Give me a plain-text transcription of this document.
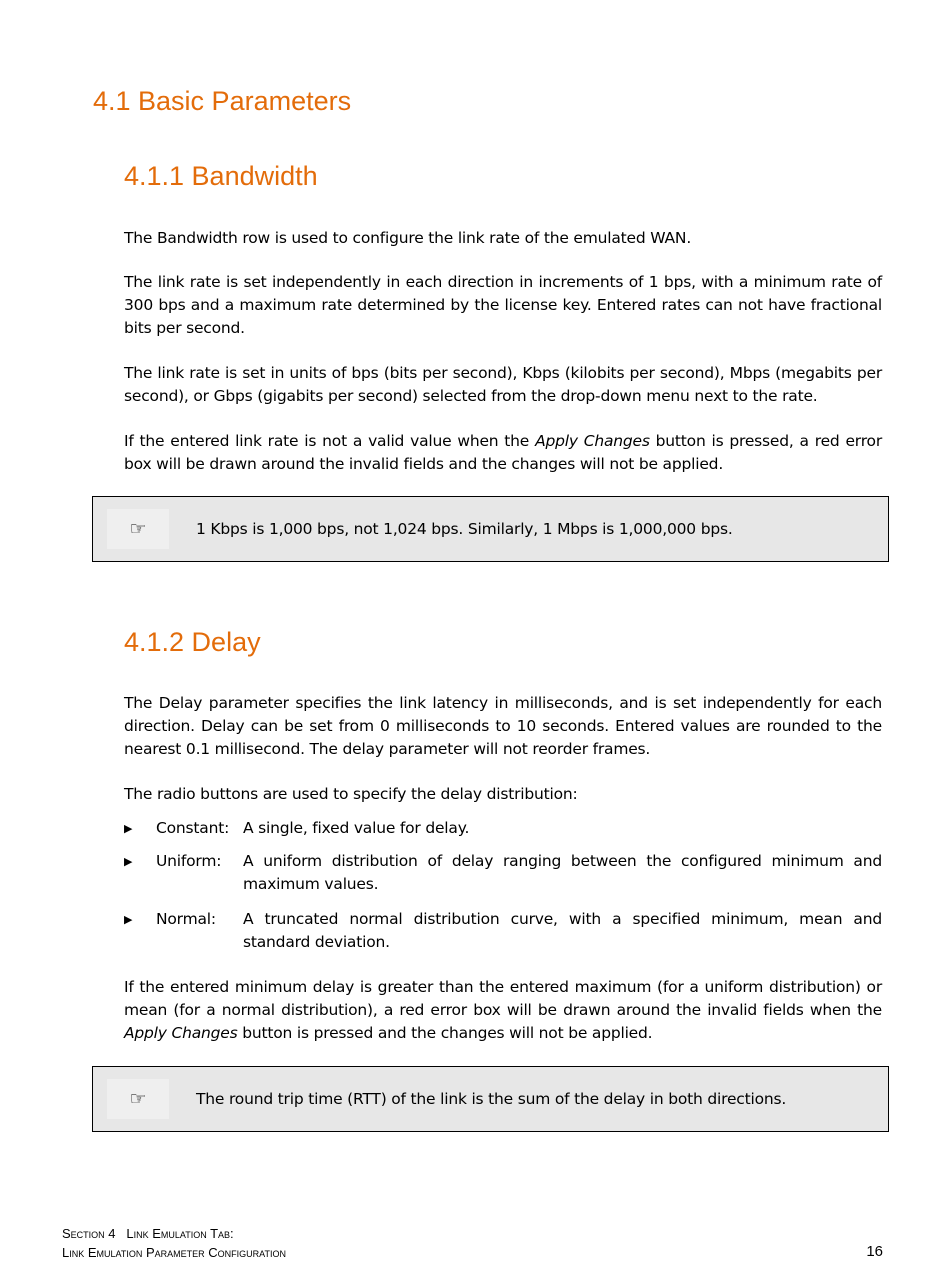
4.1 Basic Parameters
4.1.1 Bandwidth

The Bandwidth row is used to configure the link rate of the emulated WAN.

The link rate is set independently in each direction in increments of 1 bps, with a minimum rate of 300 bps and a maximum rate determined by the license key. Entered rates can not have fractional bits per second.

The link rate is set in units of bps (bits per second), Kbps (kilobits per second), Mbps (megabits per second), or Gbps (gigabits per second) selected from the drop-down menu next to the rate.

If the entered link rate is not a valid value when the Apply Changes button is pressed, a red error box will be drawn around the invalid fields and the changes will not be applied.

☞	1 Kbps is 1,000 bps, not 1,024 bps. Similarly, 1 Mbps is 1,000,000 bps.
4.1.2 Delay

The Delay parameter specifies the link latency in milliseconds, and is set independently for each direction. Delay can be set from 0 milliseconds to 10 seconds. Entered values are rounded to the nearest 0.1 millisecond. The delay parameter will not reorder frames.

The radio buttons are used to specify the delay distribution:

▶ Constant: A single, fixed value for delay.
▶ Uniform: A uniform distribution of delay ranging between the configured minimum and maximum values.
▶ Normal: A truncated normal distribution curve, with a specified minimum, mean and standard deviation.

If the entered minimum delay is greater than the entered maximum (for a uniform distribution) or mean (for a normal distribution), a red error box will be drawn around the invalid fields when the Apply Changes button is pressed and the changes will not be applied.

☞	The round trip time (RTT) of the link is the sum of the delay in both directions.
Section 4   Link Emulation Tab:
Link Emulation Parameter Configuration	16
